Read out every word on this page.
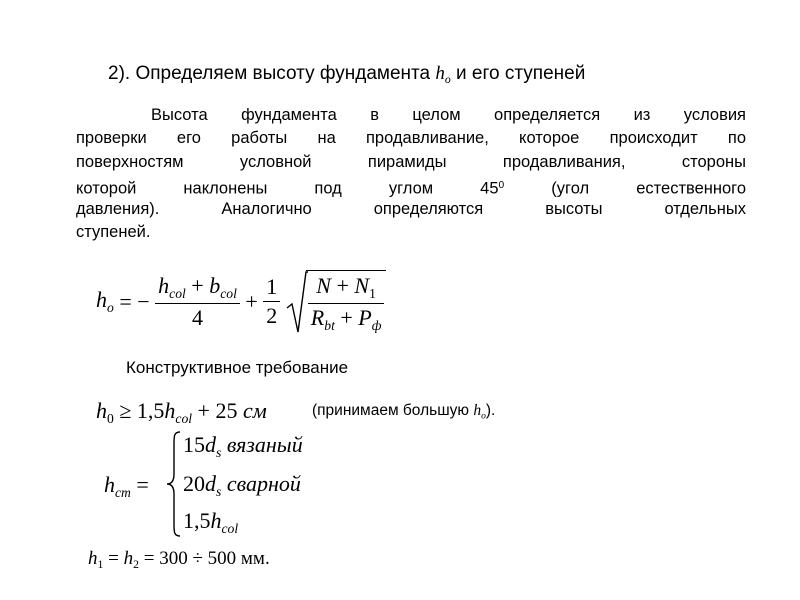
2). Определяем высоту фундамента $h_o$ и его ступеней
Высота фундамента в целом определяется из условия
проверки его работы на продавливание, которое происходит по
поверхностям условной пирамиды продавливания, стороны
которой наклонены под углом $45^0$ (угол естественного
давления). Аналогично определяются высоты отдельных
ступеней.
$h_o$ = − $\frac{h_{col} + b_{col}}{4} + \frac{1}{2}$
$\frac{N + N_1}{R_{bt} + P_ф}$
Конструктивное требование
$h_0 \ge 1,5h_{col} + 25$ см	(принимаем большую $h_o$).
$h_{ст}$ =
$15d_s$ вязаный
$20d_s$ сварной
$1,5h_{col}$
$h_1 = h_2 = 300 \div 500$ мм.
